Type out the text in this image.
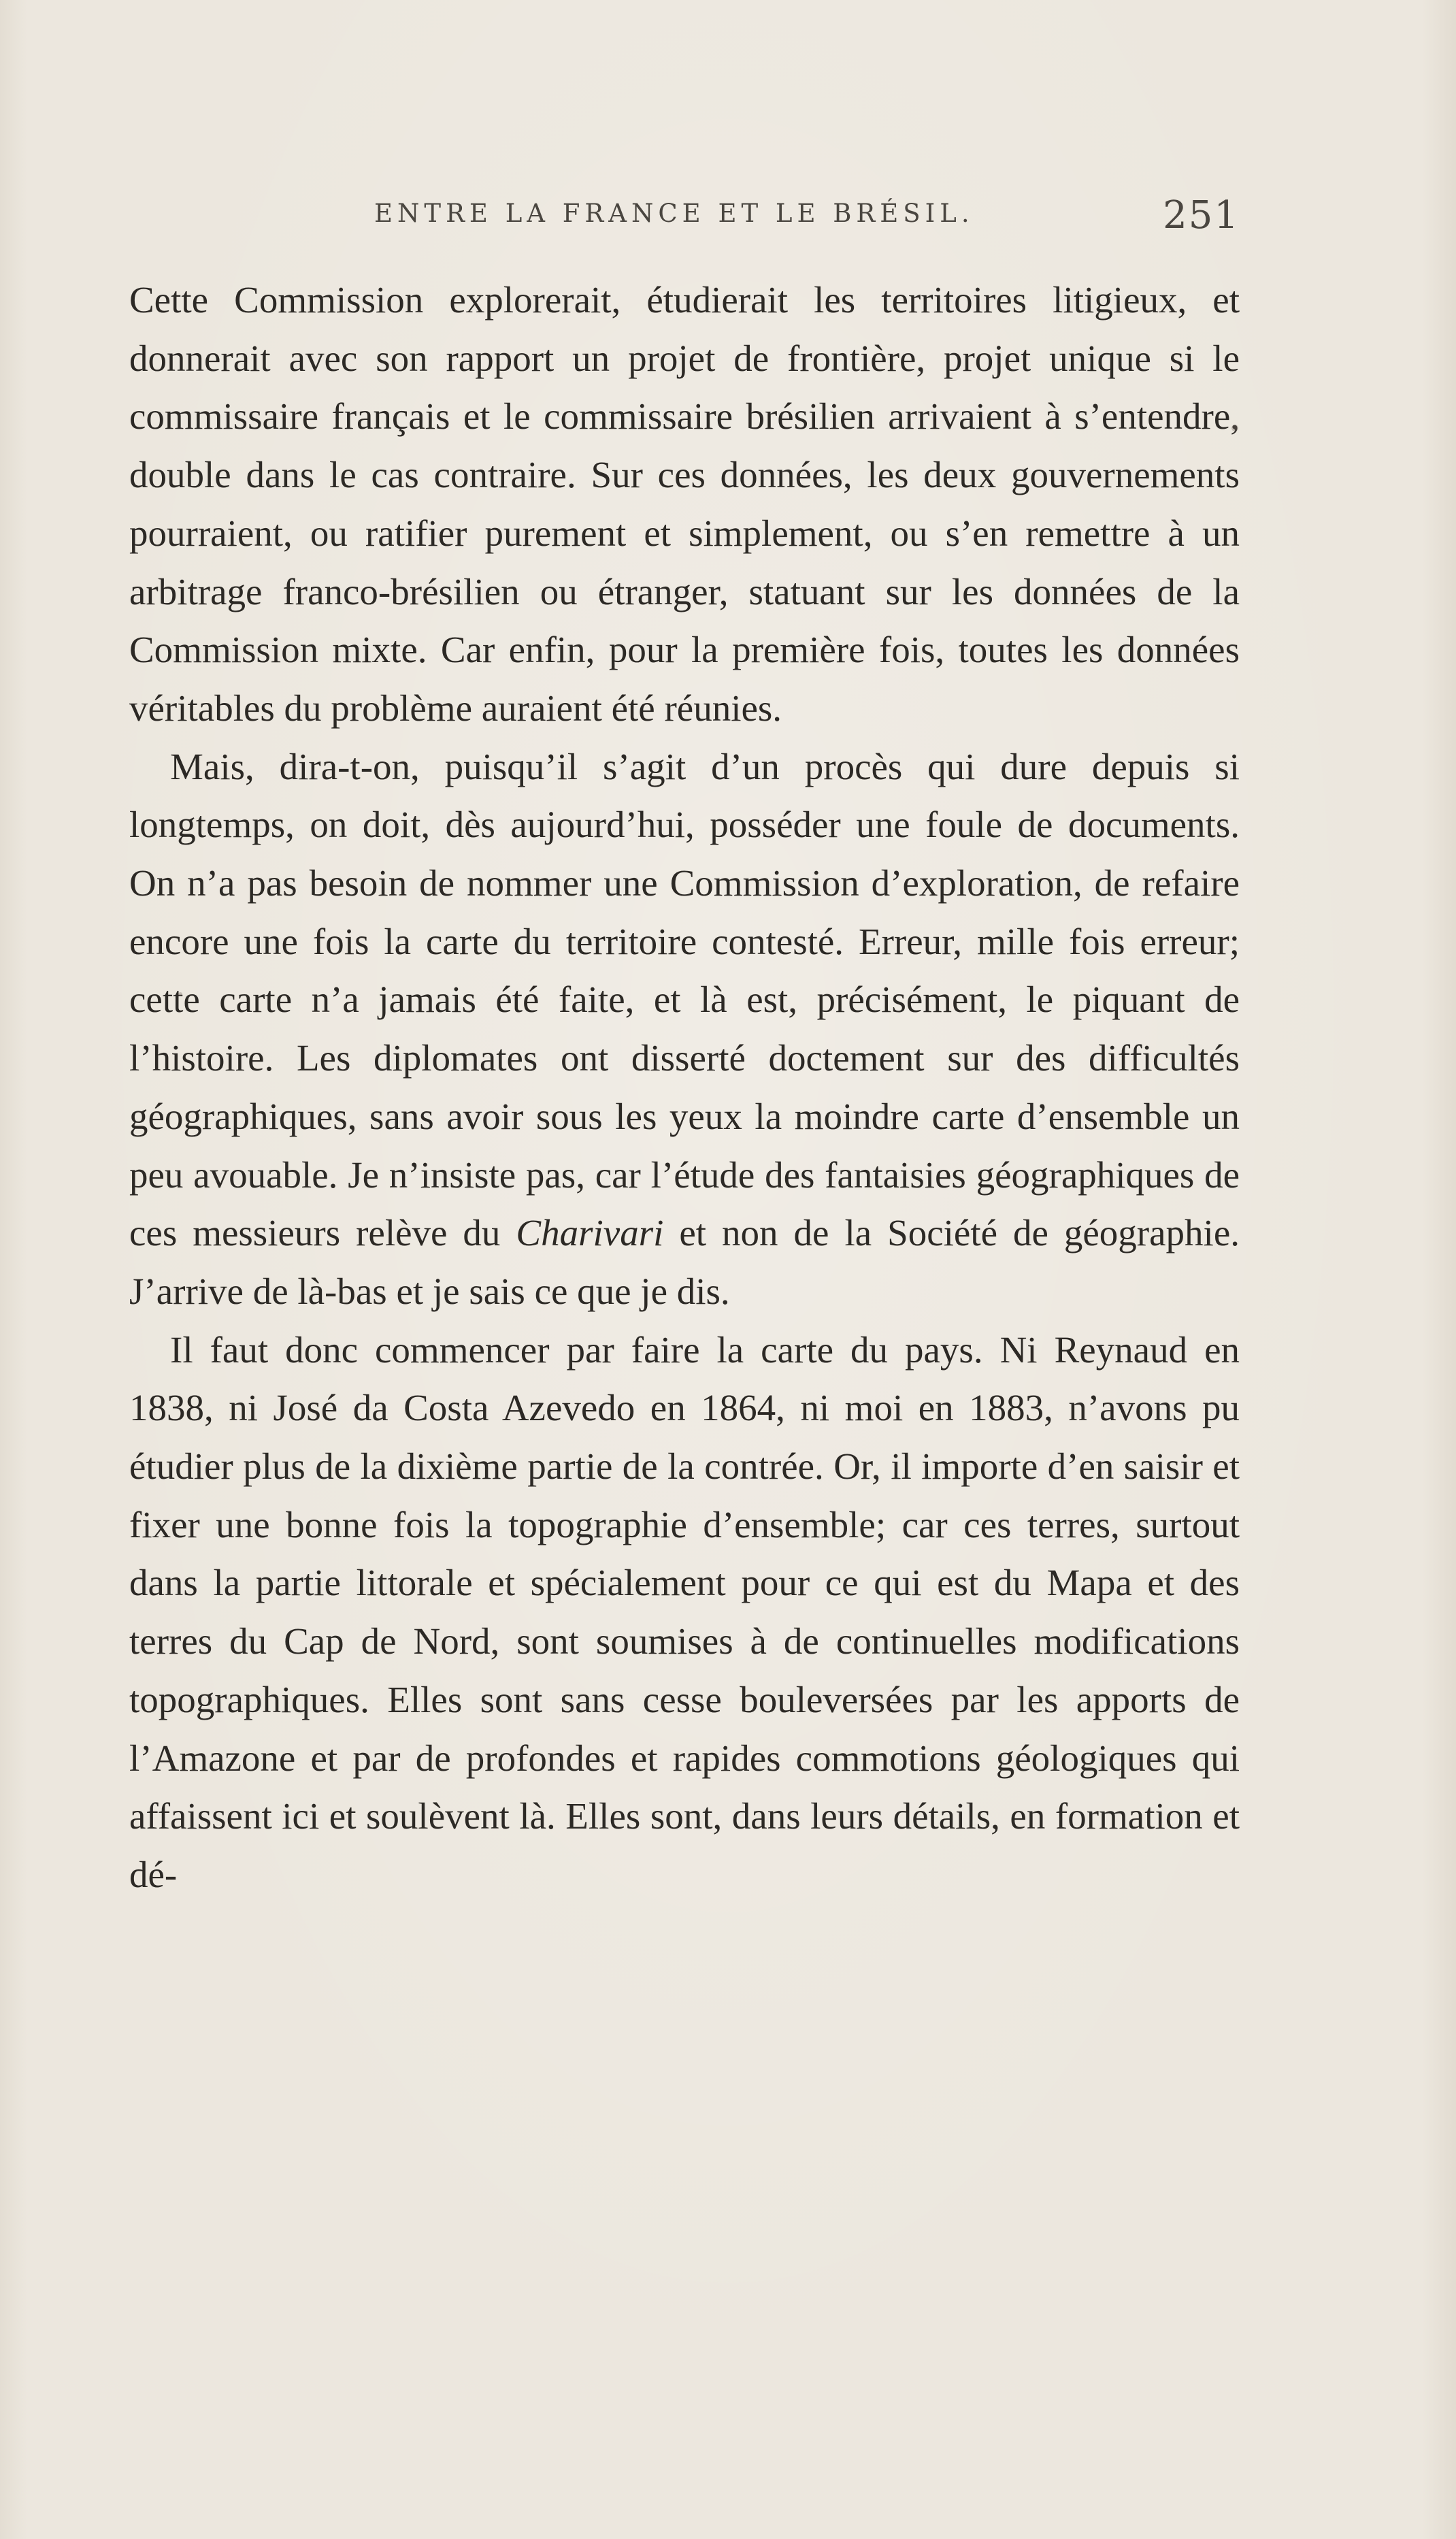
ENTRE LA FRANCE ET LE BRÉSIL.	251

Cette Commission explorerait, étudierait les territoires litigieux, et donnerait avec son rapport un projet de frontière, projet unique si le commissaire français et le commissaire brésilien arrivaient à s’entendre, double dans le cas contraire. Sur ces données, les deux gouvernements pourraient, ou ratifier purement et simplement, ou s’en remettre à un arbitrage franco-brésilien ou étranger, statuant sur les données de la Commission mixte. Car enfin, pour la première fois, toutes les données véritables du problème auraient été réunies.

Mais, dira-t-on, puisqu’il s’agit d’un procès qui dure depuis si longtemps, on doit, dès aujourd’hui, posséder une foule de documents. On n’a pas besoin de nommer une Commission d’exploration, de refaire encore une fois la carte du territoire contesté. Erreur, mille fois erreur; cette carte n’a jamais été faite, et là est, précisément, le piquant de l’histoire. Les diplomates ont disserté doctement sur des difficultés géographiques, sans avoir sous les yeux la moindre carte d’ensemble un peu avouable. Je n’insiste pas, car l’étude des fantaisies géographiques de ces messieurs relève du Charivari et non de la Société de géographie. J’arrive de là-bas et je sais ce que je dis.

Il faut donc commencer par faire la carte du pays. Ni Reynaud en 1838, ni José da Costa Azevedo en 1864, ni moi en 1883, n’avons pu étudier plus de la dixième partie de la contrée. Or, il importe d’en saisir et fixer une bonne fois la topographie d’ensemble; car ces terres, surtout dans la partie littorale et spécialement pour ce qui est du Mapa et des terres du Cap de Nord, sont soumises à de continuelles modifications topographiques. Elles sont sans cesse bouleversées par les apports de l’Amazone et par de profondes et rapides commotions géologiques qui affaissent ici et soulèvent là. Elles sont, dans leurs détails, en formation et dé-
